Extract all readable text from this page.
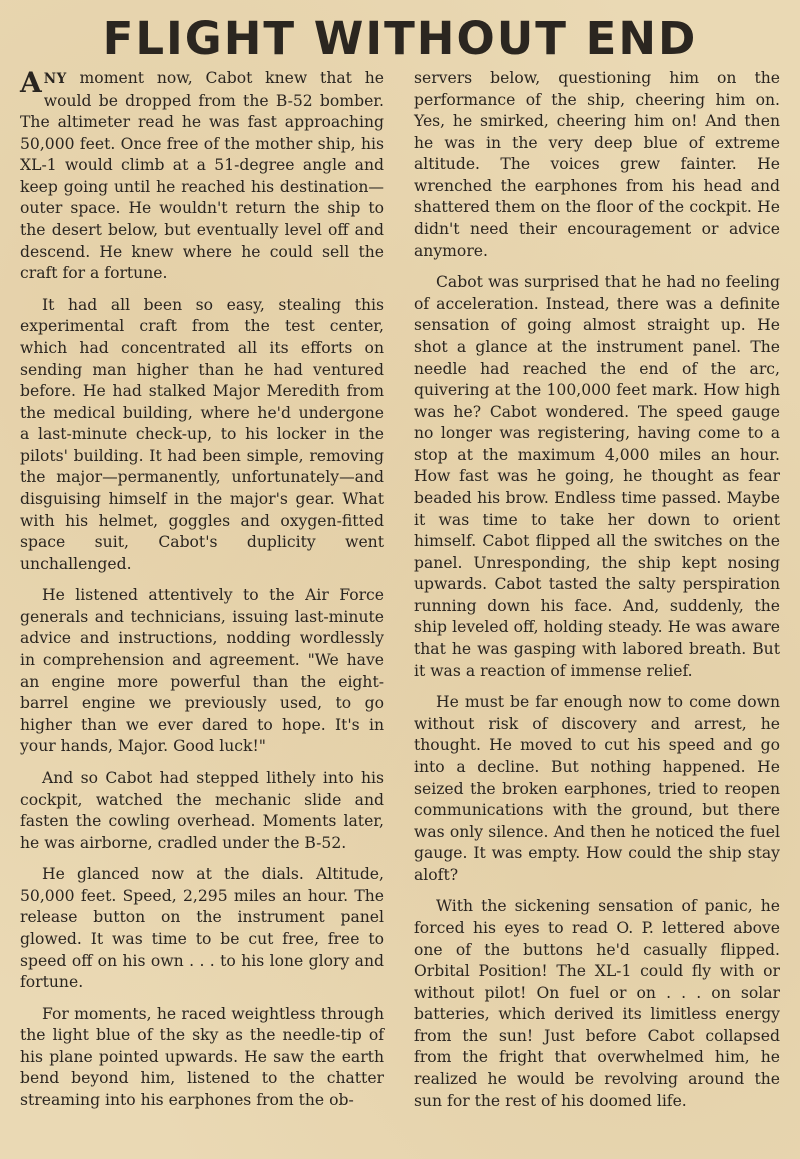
FLIGHT WITHOUT END

ANY moment now, Cabot knew that he would be dropped from the B-52 bomber. The altimeter read he was fast approaching 50,000 feet. Once free of the mother ship, his XL-1 would climb at a 51-degree angle and keep going until he reached his destination—outer space. He wouldn't return the ship to the desert below, but eventually level off and descend. He knew where he could sell the craft for a fortune.

It had all been so easy, stealing this experimental craft from the test center, which had concentrated all its efforts on sending man higher than he had ventured before. He had stalked Major Meredith from the medical building, where he'd undergone a last-minute check-up, to his locker in the pilots' building. It had been simple, removing the major—permanently, unfortunately—and disguising himself in the major's gear. What with his helmet, goggles and oxygen-fitted space suit, Cabot's duplicity went unchallenged.

He listened attentively to the Air Force generals and technicians, issuing last-minute advice and instructions, nodding wordlessly in comprehension and agreement. "We have an engine more powerful than the eight-barrel engine we previously used, to go higher than we ever dared to hope. It's in your hands, Major. Good luck!"

And so Cabot had stepped lithely into his cockpit, watched the mechanic slide and fasten the cowling overhead. Moments later, he was airborne, cradled under the B-52.

He glanced now at the dials. Altitude, 50,000 feet. Speed, 2,295 miles an hour. The release button on the instrument panel glowed. It was time to be cut free, free to speed off on his own . . . to his lone glory and fortune.

For moments, he raced weightless through the light blue of the sky as the needle-tip of his plane pointed upwards. He saw the earth bend beyond him, listened to the chatter streaming into his earphones from the ob-

servers below, questioning him on the performance of the ship, cheering him on. Yes, he smirked, cheering him on! And then he was in the very deep blue of extreme altitude. The voices grew fainter. He wrenched the earphones from his head and shattered them on the floor of the cockpit. He didn't need their encouragement or advice anymore.

Cabot was surprised that he had no feeling of acceleration. Instead, there was a definite sensation of going almost straight up. He shot a glance at the instrument panel. The needle had reached the end of the arc, quivering at the 100,000 feet mark. How high was he? Cabot wondered. The speed gauge no longer was registering, having come to a stop at the maximum 4,000 miles an hour. How fast was he going, he thought as fear beaded his brow. Endless time passed. Maybe it was time to take her down to orient himself. Cabot flipped all the switches on the panel. Unresponding, the ship kept nosing upwards. Cabot tasted the salty perspiration running down his face. And, suddenly, the ship leveled off, holding steady. He was aware that he was gasping with labored breath. But it was a reaction of immense relief.

He must be far enough now to come down without risk of discovery and arrest, he thought. He moved to cut his speed and go into a decline. But nothing happened. He seized the broken earphones, tried to reopen communications with the ground, but there was only silence. And then he noticed the fuel gauge. It was empty. How could the ship stay aloft?

With the sickening sensation of panic, he forced his eyes to read O. P. lettered above one of the buttons he'd casually flipped. Orbital Position! The XL-1 could fly with or without pilot! On fuel or on . . . on solar batteries, which derived its limitless energy from the sun! Just before Cabot collapsed from the fright that overwhelmed him, he realized he would be revolving around the sun for the rest of his doomed life.
